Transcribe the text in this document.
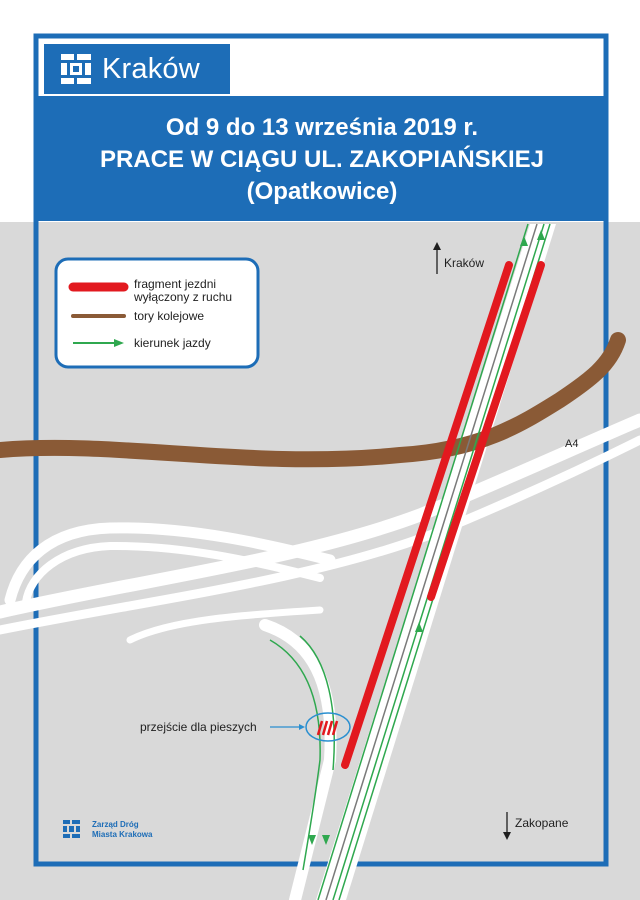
Kraków
Od 9 do 13 września 2019 r.
PRACE W CIĄGU UL. ZAKOPIAŃSKIEJ
(Opatkowice)
fragment jezdni
wyłączony z ruchu
tory kolejowe
kierunek jazdy
Kraków
A4
przejście dla pieszych
Zakopane
Zarząd Dróg
Miasta Krakowa
